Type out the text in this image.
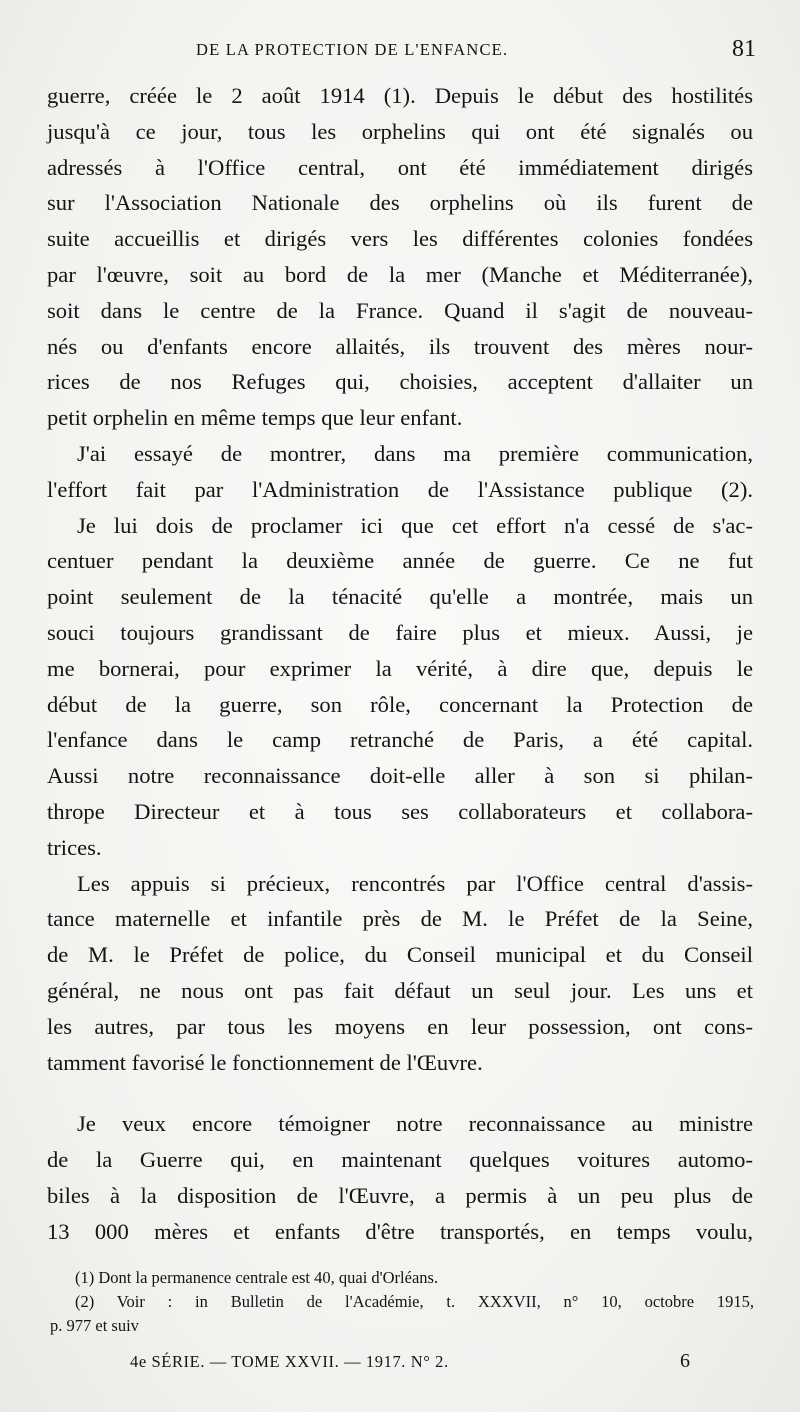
DE LA PROTECTION DE L'ENFANCE.	81
guerre, créée le 2 août 1914 (1). Depuis le début des hostilités
jusqu'à ce jour, tous les orphelins qui ont été signalés ou
adressés à l'Office central, ont été immédiatement dirigés
sur l'Association Nationale des orphelins où ils furent de
suite accueillis et dirigés vers les différentes colonies fondées
par l'œuvre, soit au bord de la mer (Manche et Méditerranée),
soit dans le centre de la France. Quand il s'agit de nouveau-
nés ou d'enfants encore allaités, ils trouvent des mères nour-
rices de nos Refuges qui, choisies, acceptent d'allaiter un
petit orphelin en même temps que leur enfant.
J'ai essayé de montrer, dans ma première communication,
l'effort fait par l'Administration de l'Assistance publique (2).
Je lui dois de proclamer ici que cet effort n'a cessé de s'ac-
centuer pendant la deuxième année de guerre. Ce ne fut
point seulement de la ténacité qu'elle a montrée, mais un
souci toujours grandissant de faire plus et mieux. Aussi, je
me bornerai, pour exprimer la vérité, à dire que, depuis le
début de la guerre, son rôle, concernant la Protection de
l'enfance dans le camp retranché de Paris, a été capital.
Aussi notre reconnaissance doit-elle aller à son si philan-
thrope Directeur et à tous ses collaborateurs et collabora-
trices.
Les appuis si précieux, rencontrés par l'Office central d'assis-
tance maternelle et infantile près de M. le Préfet de la Seine,
de M. le Préfet de police, du Conseil municipal et du Conseil
général, ne nous ont pas fait défaut un seul jour. Les uns et
les autres, par tous les moyens en leur possession, ont cons-
tamment favorisé le fonctionnement de l'Œuvre.
Je veux encore témoigner notre reconnaissance au ministre
de la Guerre qui, en maintenant quelques voitures automo-
biles à la disposition de l'Œuvre, a permis à un peu plus de
13 000 mères et enfants d'être transportés, en temps voulu,
(1) Dont la permanence centrale est 40, quai d'Orléans.
(2) Voir : in Bulletin de l'Académie, t. XXXVII, n° 10, octobre 1915,
p. 977 et suiv
4e SÉRIE. — TOME XXVII. — 1917. N° 2.	6
